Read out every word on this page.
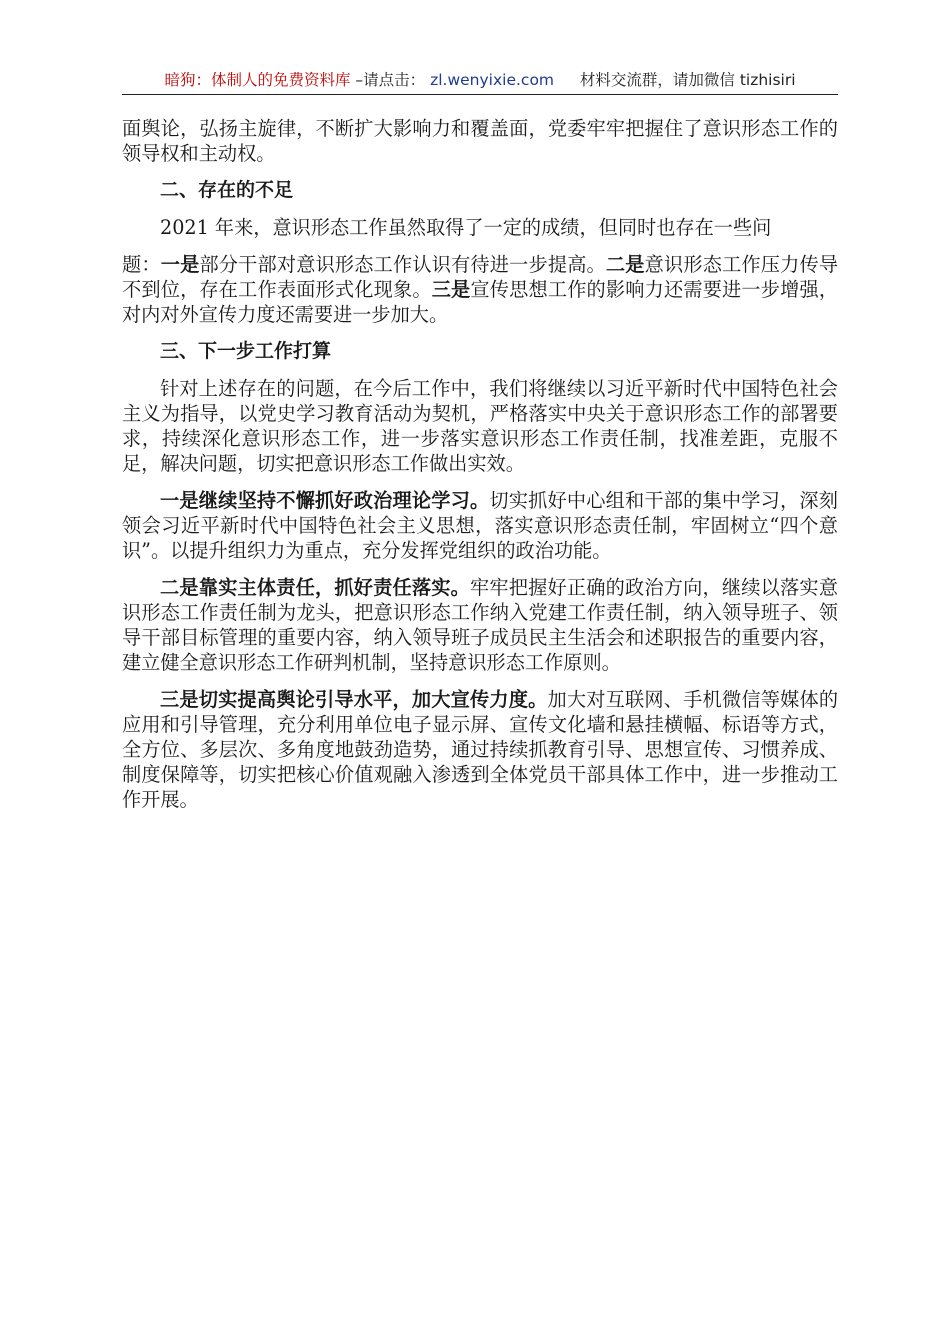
暗狗：体制人的免费资料库 –请点击： zl.wenyixie.com 材料交流群，请加微信 tizhisiri

面舆论，弘扬主旋律，不断扩大影响力和覆盖面，党委牢牢把握住了意识形态工作的领导权和主动权。

二、存在的不足

2021 年来，意识形态工作虽然取得了一定的成绩，但同时也存在一些问

题：一是部分干部对意识形态工作认识有待进一步提高。二是意识形态工作压力传导不到位，存在工作表面形式化现象。三是宣传思想工作的影响力还需要进一步增强，对内对外宣传力度还需要进一步加大。

三、下一步工作打算

针对上述存在的问题，在今后工作中，我们将继续以习近平新时代中国特色社会主义为指导，以党史学习教育活动为契机，严格落实中央关于意识形态工作的部署要求，持续深化意识形态工作，进一步落实意识形态工作责任制，找准差距，克服不足，解决问题，切实把意识形态工作做出实效。

一是继续坚持不懈抓好政治理论学习。切实抓好中心组和干部的集中学习，深刻领会习近平新时代中国特色社会主义思想，落实意识形态责任制，牢固树立“四个意识”。以提升组织力为重点，充分发挥党组织的政治功能。

二是靠实主体责任，抓好责任落实。牢牢把握好正确的政治方向，继续以落实意识形态工作责任制为龙头，把意识形态工作纳入党建工作责任制，纳入领导班子、领导干部目标管理的重要内容，纳入领导班子成员民主生活会和述职报告的重要内容，建立健全意识形态工作研判机制，坚持意识形态工作原则。

三是切实提高舆论引导水平，加大宣传力度。加大对互联网、手机微信等媒体的应用和引导管理，充分利用单位电子显示屏、宣传文化墙和悬挂横幅、标语等方式，全方位、多层次、多角度地鼓劲造势，通过持续抓教育引导、思想宣传、习惯养成、制度保障等，切实把核心价值观融入渗透到全体党员干部具体工作中，进一步推动工作开展。
